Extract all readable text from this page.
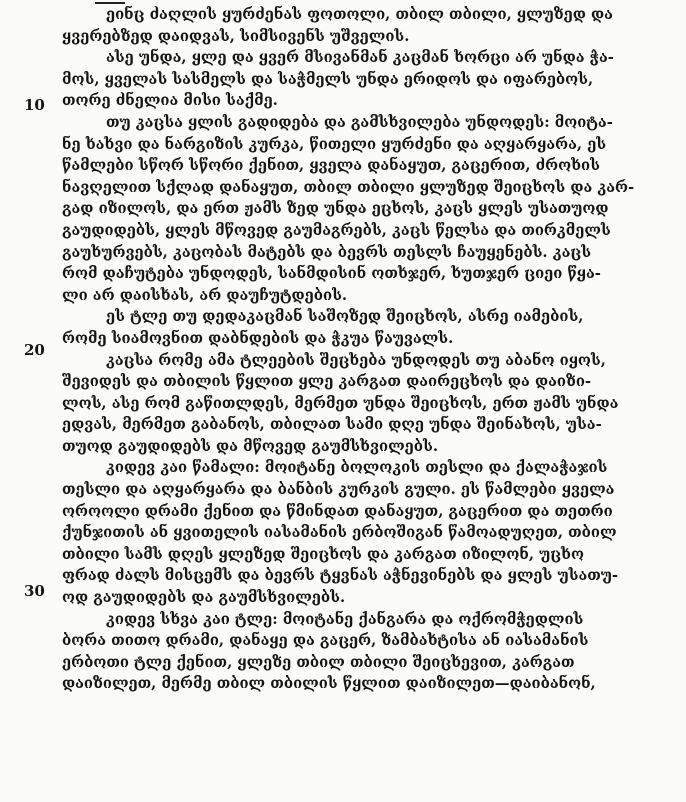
10
20
30
ეინც ძაღლის ყურძენას ფოთოლი, თბილ თბილი, ყლუზედ და
ყვერებზედ დაიდვას, სიმსივენს უშველის.
ასე უნდა, ყლე და ყვერ მსივანმან კაცმან ხორცი არ უნდა ჭა-
მოს, ყველას სასმელს და საჭმელს უნდა ერიდოს და იფარებოს,
თორე ძნელია მისი საქმე.
თუ კაცსა ყლის გადიდება და გამსხვილება უნდოდეს: მოიტა-
ნე ხახვი და ნარგიზის კურკა, წითელი ყურძენი და აღყარყარა, ეს
წამლები სწორ სწორი ქენით, ყველა დანაყუთ, გაცერით, ძროხის
ნავღელით სქლად დანაყუთ, თბილ თბილი ყლუზედ შეიცხოს და კარ-
გად იზილოს, და ერთ ჟამს ზედ უნდა ეცხოს, კაცს ყლეს უსათუოდ
გაუდიდებს, ყლეს მწოვედ გაუმაგრებს, კაცს წელსა და თირკმელს
გაუხურვებს, კაცობას მატებს და ბევრს თესლს ჩაუყენებს. კაცს
რომ დაჩუტება უნდოდეს, სანმდისინ ოთხჯერ, ხუთჯერ ციეი წყა-
ლი არ დაისხას, არ დაუჩუტდების.
ეს ტლე თუ დედაკაცმან საშოზედ შეიცხოს, ასრე იამების,
რომე სიამოვნით დაბნდების და ჭკუა წაუვალს.
კაცსა რომე ამა ტლეების შეცხება უნდოდეს თუ აბანო იყოს,
შევიდეს და თბილის წყლით ყლე კარგათ დაირეცხოს და დაიზი-
ლოს, ასე რომ გაწითლდეს, მერმეთ უნდა შეიცხოს, ერთ ჟამს უნდა
ედვას, მერმეთ გაბანოს, თბილათ სამი დღე უნდა შეინახოს, უსა-
თუოდ გაუდიდებს და მწოვედ გაუმსხვილებს.
კიდევ კაი წამალი: მოიტანე ბოლოკის თესლი და ქალაჭაჯის
თესლი და აღყარყარა და ბანბის კურკის გული. ეს წამლები ყველა
ოროოლი დრამი ქენით და წმინდათ დანაყუთ, გაცერით და თეთრი
ქუნჯითის ან ყვითელის იასამანის ერბოშიგან წამოადუღეთ, თბილ
თბილი სამს დღეს ყლეზედ შეიცხოს და კარგათ იზილონ, უცხო
ფრად ძალს მისცემს და ბევრს ტყვნას აჭნევინებს და ყლეს უსათუ-
ოდ გაუდიდებს და გაუმსხვილებს.
კიდევ სხვა კაი ტლე: მოიტანე ქანგარა და ოქრომჭედლის
ბორა თითო დრამი, დანაყე და გაცერ, ზამბახტისა ან იასამანის
ერბოთი ტლე ქენით, ყლეზე თბილ თბილი შეიცხევით, კარგათ
დაიზილეთ, მერმე თბილ თბილის წყლით დაიზილეთ—დაიბანონ,
